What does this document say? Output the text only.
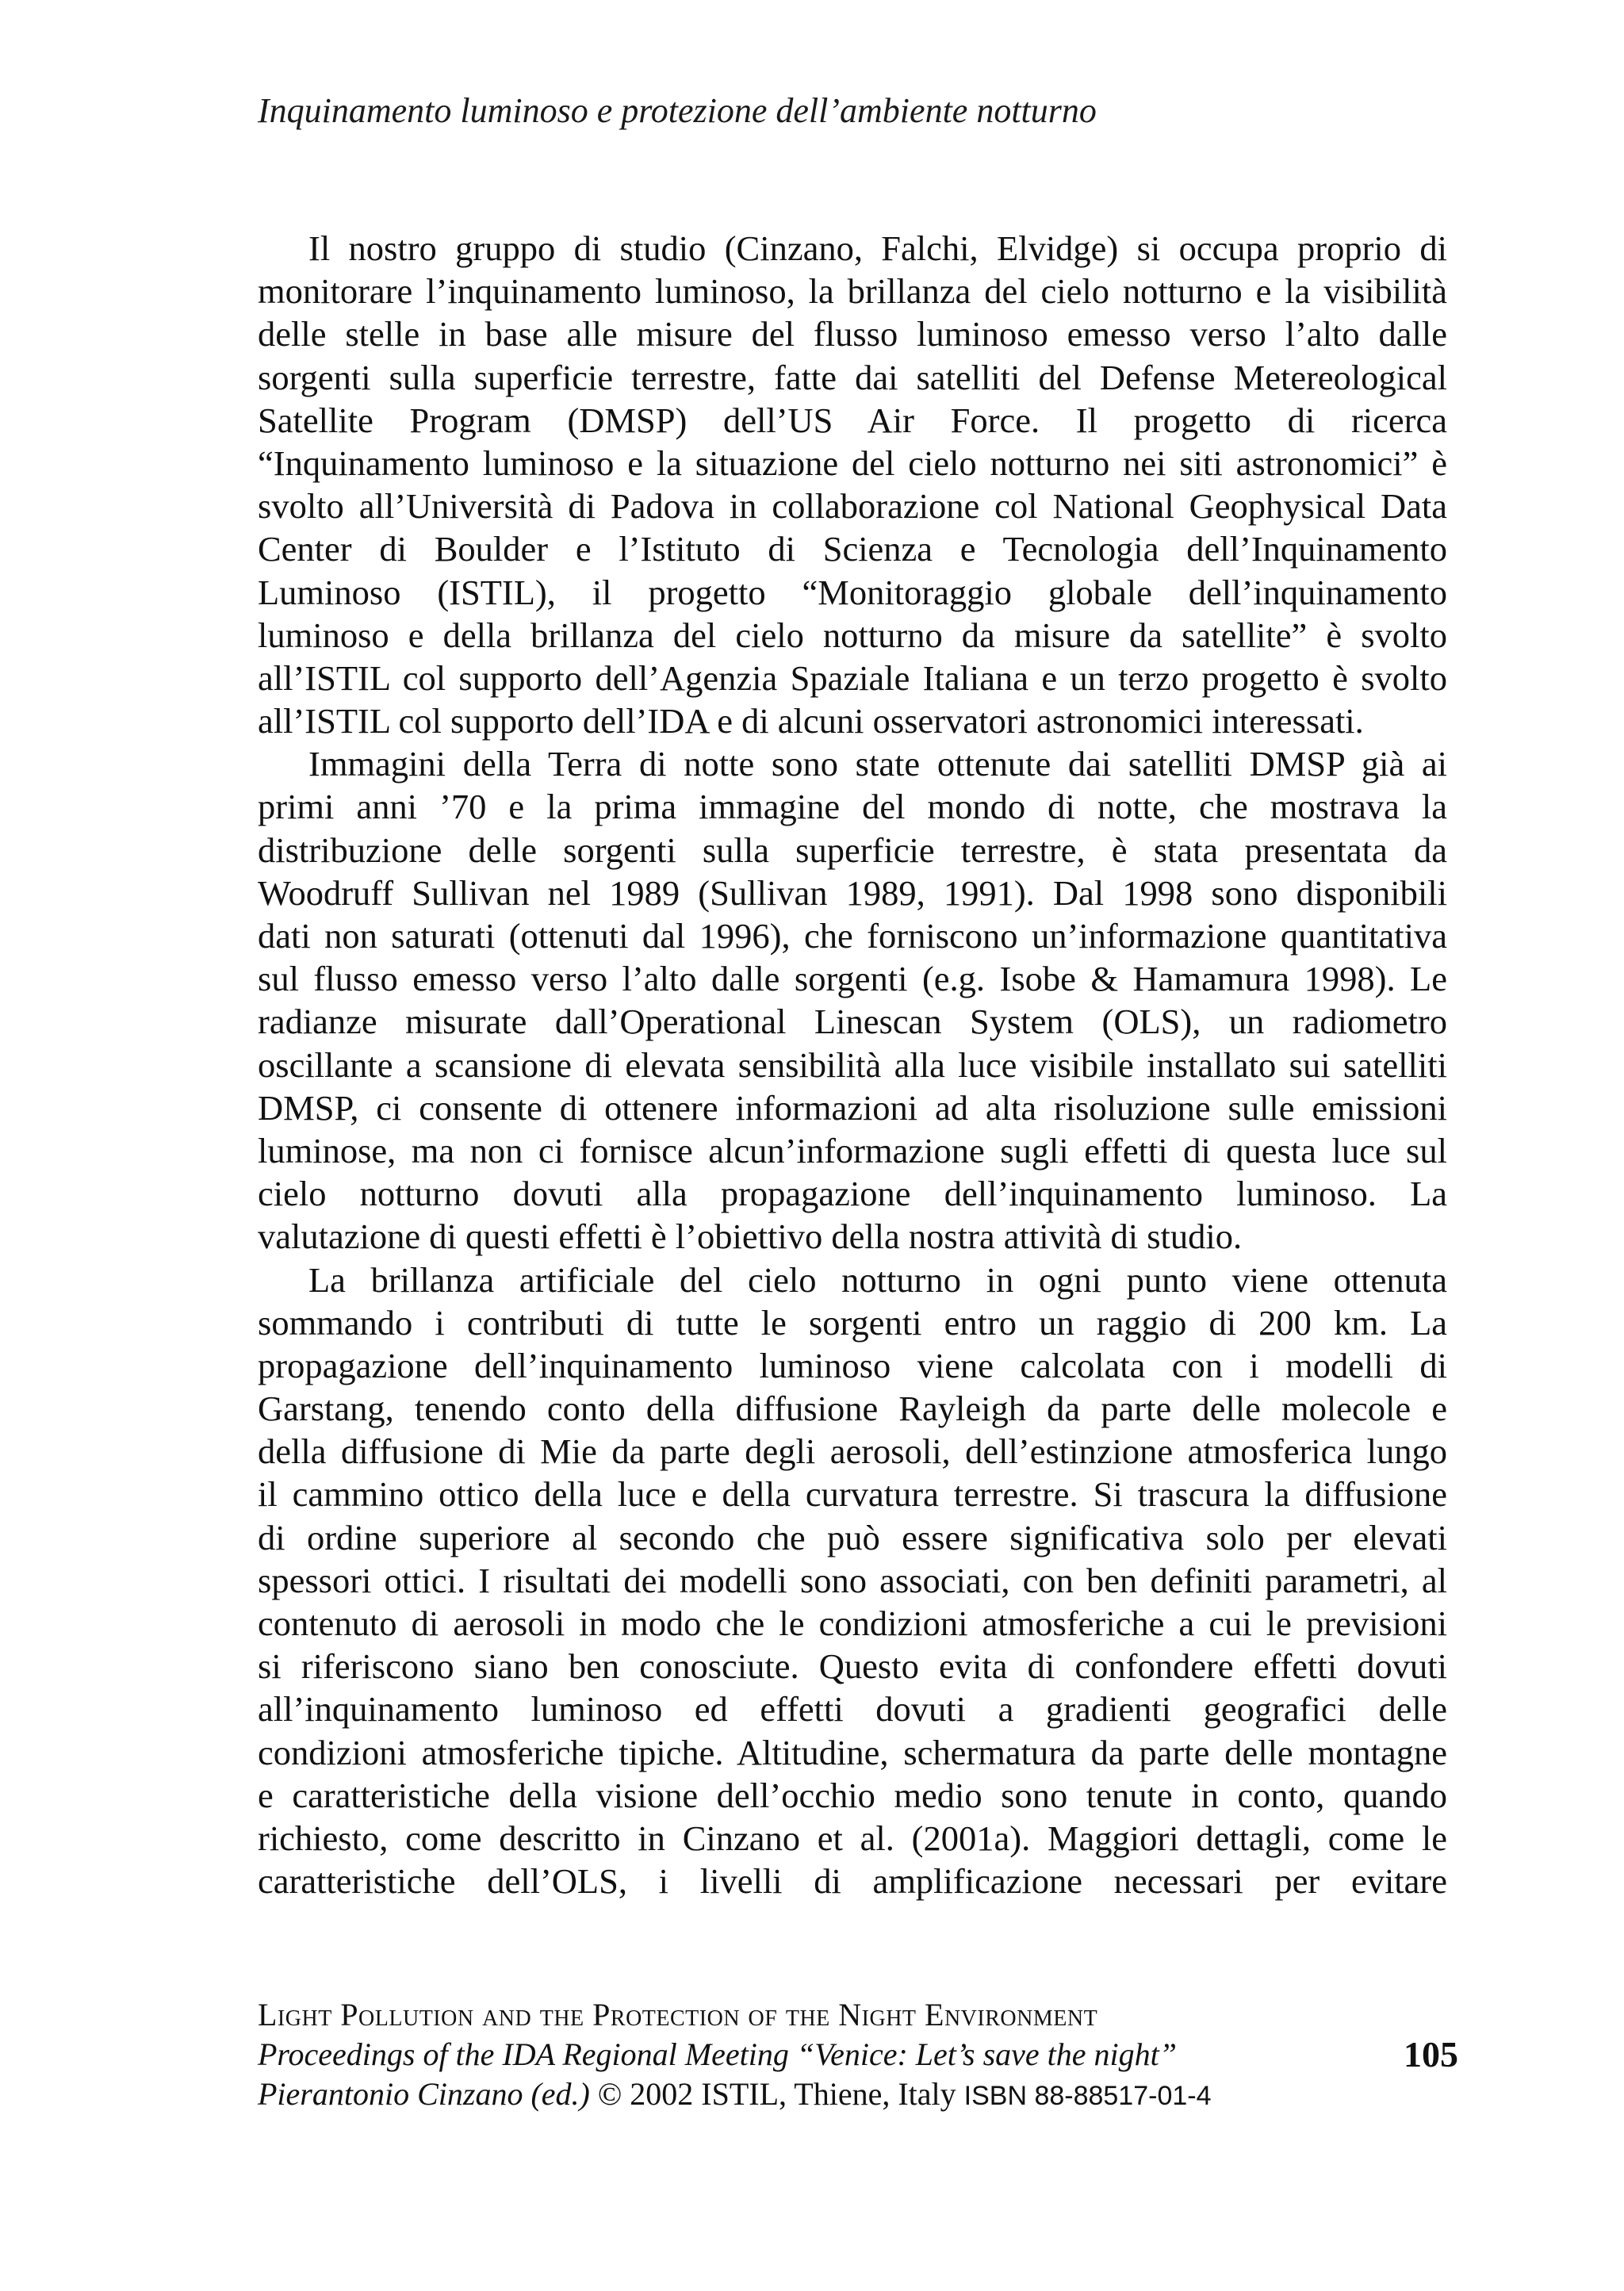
Inquinamento luminoso e protezione dell’ambiente notturno
Il nostro gruppo di studio (Cinzano, Falchi, Elvidge) si occupa proprio di
monitorare l’inquinamento luminoso, la brillanza del cielo notturno e la visibilità
delle stelle in base alle misure del flusso luminoso emesso verso l’alto dalle
sorgenti sulla superficie terrestre, fatte dai satelliti del Defense Metereological
Satellite Program (DMSP) dell’US Air Force. Il progetto di ricerca
“Inquinamento luminoso e la situazione del cielo notturno nei siti astronomici” è
svolto all’Università di Padova in collaborazione col National Geophysical Data
Center di Boulder e l’Istituto di Scienza e Tecnologia dell’Inquinamento
Luminoso (ISTIL), il progetto “Monitoraggio globale dell’inquinamento
luminoso e della brillanza del cielo notturno da misure da satellite” è svolto
all’ISTIL col supporto dell’Agenzia Spaziale Italiana e un terzo progetto è svolto
all’ISTIL col supporto dell’IDA e di alcuni osservatori astronomici interessati.
Immagini della Terra di notte sono state ottenute dai satelliti DMSP già ai
primi anni ’70 e la prima immagine del mondo di notte, che mostrava la
distribuzione delle sorgenti sulla superficie terrestre, è stata presentata da
Woodruff Sullivan nel 1989 (Sullivan 1989, 1991). Dal 1998 sono disponibili
dati non saturati (ottenuti dal 1996), che forniscono un’informazione quantitativa
sul flusso emesso verso l’alto dalle sorgenti (e.g. Isobe & Hamamura 1998). Le
radianze misurate dall’Operational Linescan System (OLS), un radiometro
oscillante a scansione di elevata sensibilità alla luce visibile installato sui satelliti
DMSP, ci consente di ottenere informazioni ad alta risoluzione sulle emissioni
luminose, ma non ci fornisce alcun’informazione sugli effetti di questa luce sul
cielo notturno dovuti alla propagazione dell’inquinamento luminoso. La
valutazione di questi effetti è l’obiettivo della nostra attività di studio.
La brillanza artificiale del cielo notturno in ogni punto viene ottenuta
sommando i contributi di tutte le sorgenti entro un raggio di 200 km. La
propagazione dell’inquinamento luminoso viene calcolata con i modelli di
Garstang, tenendo conto della diffusione Rayleigh da parte delle molecole e
della diffusione di Mie da parte degli aerosoli, dell’estinzione atmosferica lungo
il cammino ottico della luce e della curvatura terrestre. Si trascura la diffusione
di ordine superiore al secondo che può essere significativa solo per elevati
spessori ottici. I risultati dei modelli sono associati, con ben definiti parametri, al
contenuto di aerosoli in modo che le condizioni atmosferiche a cui le previsioni
si riferiscono siano ben conosciute. Questo evita di confondere effetti dovuti
all’inquinamento luminoso ed effetti dovuti a gradienti geografici delle
condizioni atmosferiche tipiche. Altitudine, schermatura da parte delle montagne
e caratteristiche della visione dell’occhio medio sono tenute in conto, quando
richiesto, come descritto in Cinzano et al. (2001a). Maggiori dettagli, come le
caratteristiche dell’OLS, i livelli di amplificazione necessari per evitare
Light Pollution and the Protection of the Night Environment
Proceedings of the IDA Regional Meeting “Venice: Let’s save the night”
Pierantonio Cinzano (ed.) © 2002 ISTIL, Thiene, Italy ISBN 88-88517-01-4
105
